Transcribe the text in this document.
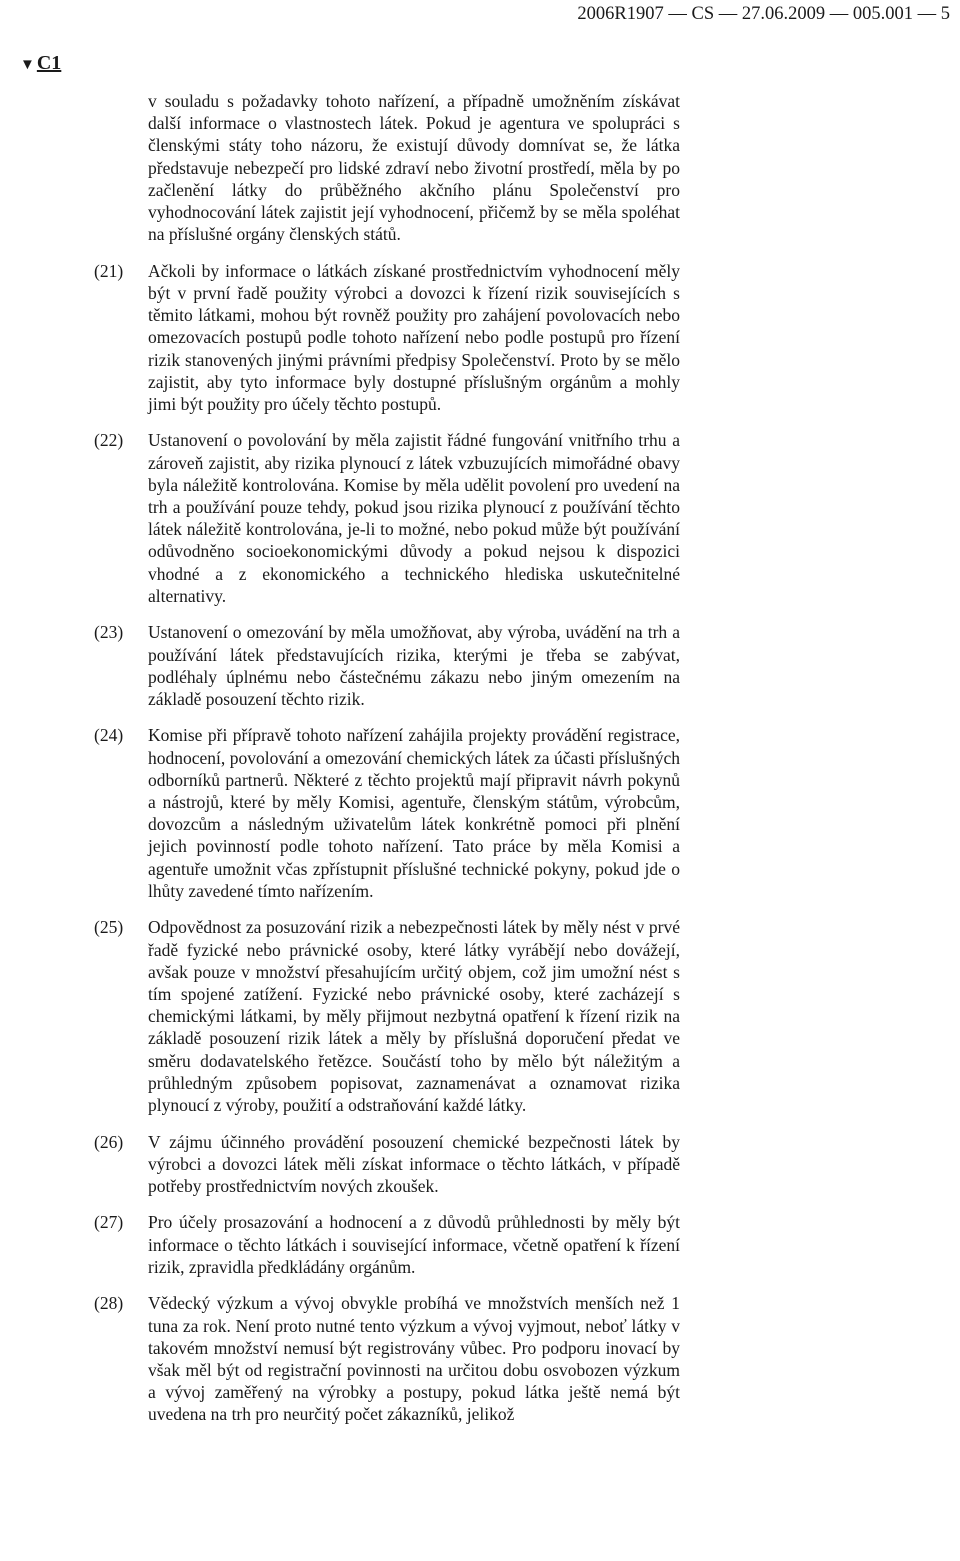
2006R1907 — CS — 27.06.2009 — 005.001 — 5
▼ C1
v souladu s požadavky tohoto nařízení, a případně umožněním získávat další informace o vlastnostech látek. Pokud je agentura ve spolupráci s členskými státy toho názoru, že existují důvody domnívat se, že látka představuje nebezpečí pro lidské zdraví nebo životní prostředí, měla by po začlenění látky do průběžného akčního plánu Společenství pro vyhodnocování látek zajistit její vyhodnocení, přičemž by se měla spoléhat na příslušné orgány členských států.
(21)	Ačkoli by informace o látkách získané prostřednictvím vyhodnocení měly být v první řadě použity výrobci a dovozci k řízení rizik souvisejících s těmito látkami, mohou být rovněž použity pro zahájení povolovacích nebo omezovacích postupů podle tohoto nařízení nebo podle postupů pro řízení rizik stanovených jinými právními předpisy Společenství. Proto by se mělo zajistit, aby tyto informace byly dostupné příslušným orgánům a mohly jimi být použity pro účely těchto postupů.
(22)	Ustanovení o povolování by měla zajistit řádné fungování vnitřního trhu a zároveň zajistit, aby rizika plynoucí z látek vzbuzujících mimořádné obavy byla náležitě kontrolována. Komise by měla udělit povolení pro uvedení na trh a používání pouze tehdy, pokud jsou rizika plynoucí z používání těchto látek náležitě kontrolována, je-li to možné, nebo pokud může být používání odůvodněno socioekonomickými důvody a pokud nejsou k dispozici vhodné a z ekonomického a technického hlediska uskutečnitelné alternativy.
(23)	Ustanovení o omezování by měla umožňovat, aby výroba, uvádění na trh a používání látek představujících rizika, kterými je třeba se zabývat, podléhaly úplnému nebo částečnému zákazu nebo jiným omezením na základě posouzení těchto rizik.
(24)	Komise při přípravě tohoto nařízení zahájila projekty provádění registrace, hodnocení, povolování a omezování chemických látek za účasti příslušných odborníků partnerů. Některé z těchto projektů mají připravit návrh pokynů a nástrojů, které by měly Komisi, agentuře, členským státům, výrobcům, dovozcům a následným uživatelům látek konkrétně pomoci při plnění jejich povinností podle tohoto nařízení. Tato práce by měla Komisi a agentuře umožnit včas zpřístupnit příslušné technické pokyny, pokud jde o lhůty zavedené tímto nařízením.
(25)	Odpovědnost za posuzování rizik a nebezpečnosti látek by měly nést v prvé řadě fyzické nebo právnické osoby, které látky vyrábějí nebo dovážejí, avšak pouze v množství přesahujícím určitý objem, což jim umožní nést s tím spojené zatížení. Fyzické nebo právnické osoby, které zacházejí s chemickými látkami, by měly přijmout nezbytná opatření k řízení rizik na základě posouzení rizik látek a měly by příslušná doporučení předat ve směru dodavatelského řetězce. Součástí toho by mělo být náležitým a průhledným způsobem popisovat, zaznamenávat a oznamovat rizika plynoucí z výroby, použití a odstraňování každé látky.
(26)	V zájmu účinného provádění posouzení chemické bezpečnosti látek by výrobci a dovozci látek měli získat informace o těchto látkách, v případě potřeby prostřednictvím nových zkoušek.
(27)	Pro účely prosazování a hodnocení a z důvodů průhlednosti by měly být informace o těchto látkách i související informace, včetně opatření k řízení rizik, zpravidla předkládány orgánům.
(28)	Vědecký výzkum a vývoj obvykle probíhá ve množstvích menších než 1 tuna za rok. Není proto nutné tento výzkum a vývoj vyjmout, neboť látky v takovém množství nemusí být registrovány vůbec. Pro podporu inovací by však měl být od registrační povinnosti na určitou dobu osvobozen výzkum a vývoj zaměřený na výrobky a postupy, pokud látka ještě nemá být uvedena na trh pro neurčitý počet zákazníků, jelikož
